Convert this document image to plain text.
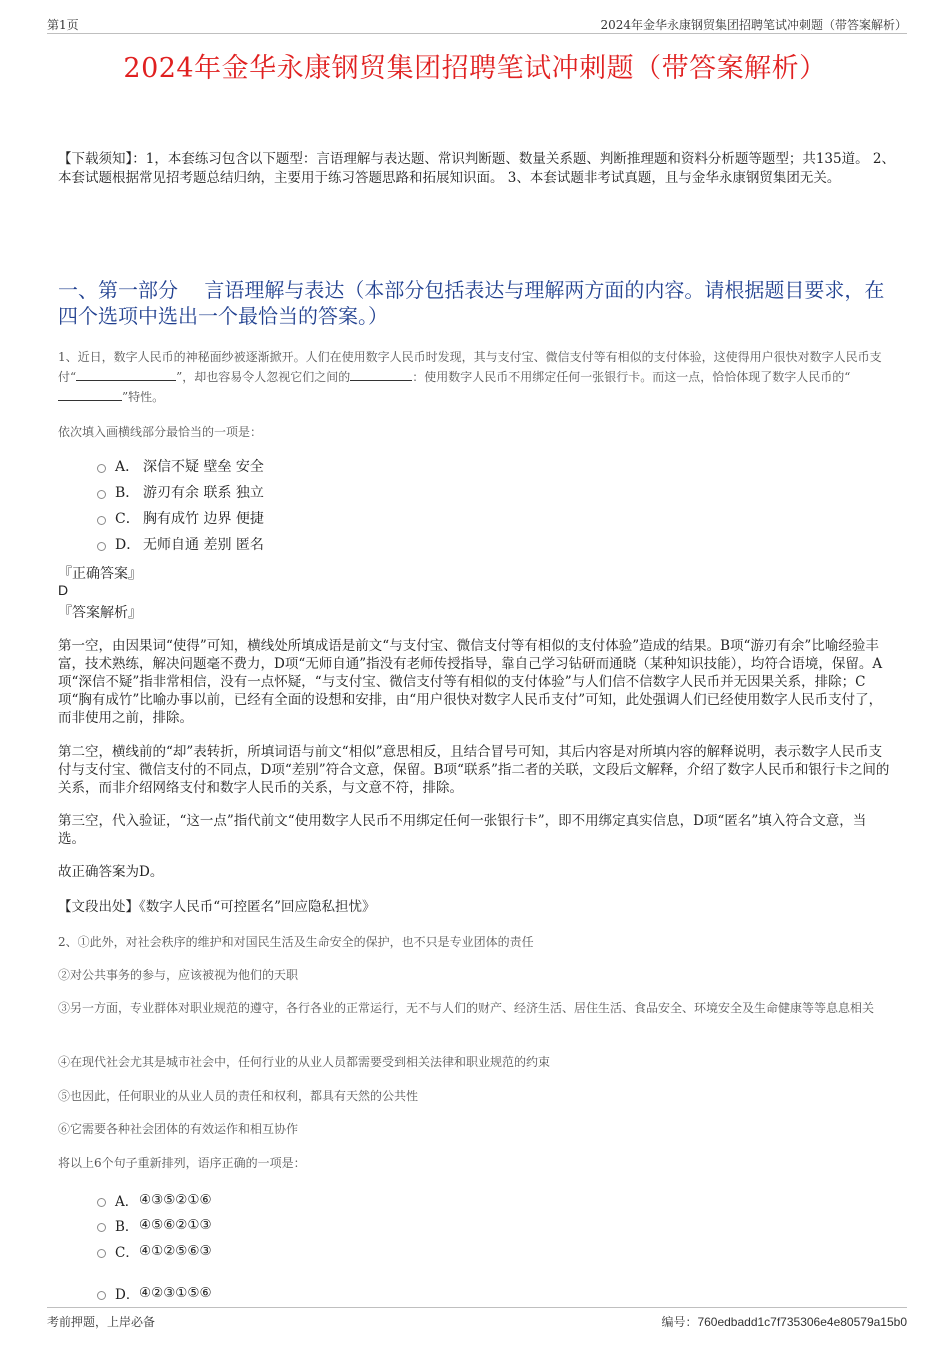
第1页	2024年金华永康钢贸集团招聘笔试冲刺题（带答案解析）
2024年金华永康钢贸集团招聘笔试冲刺题（带答案解析）
【下载须知】：1，本套练习包含以下题型：言语理解与表达题、常识判断题、数量关系题、判断推理题和资料分析题等题型；共135道。 2、本套试题根据常见招考题总结归纳，主要用于练习答题思路和拓展知识面。 3、本套试题非考试真题，且与金华永康钢贸集团无关。
一、第一部分　 言语理解与表达（本部分包括表达与理解两方面的内容。请根据题目要求，在四个选项中选出一个最恰当的答案。）
1、近日，数字人民币的神秘面纱被逐渐掀开。人们在使用数字人民币时发现，其与支付宝、微信支付等有相似的支付体验，这使得用户很快对数字人民币支付“	”，却也容易令人忽视它们之间的	：使用数字人民币不用绑定任何一张银行卡。而这一点，恰恰体现了数字人民币的“”特性。
依次填入画横线部分最恰当的一项是：
A． 深信不疑 壁垒 安全
B． 游刃有余 联系 独立
C． 胸有成竹 边界 便捷
D． 无师自通 差别 匿名
『正确答案』
D
『答案解析』
第一空，由因果词“使得”可知，横线处所填成语是前文“与支付宝、微信支付等有相似的支付体验”造成的结果。B项“游刃有余”比喻经验丰富，技术熟练，解决问题毫不费力，D项“无师自通”指没有老师传授指导，靠自己学习钻研而通晓（某种知识技能），均符合语境，保留。A项“深信不疑”指非常相信，没有一点怀疑，“与支付宝、微信支付等有相似的支付体验”与人们信不信数字人民币并无因果关系，排除；C项“胸有成竹”比喻办事以前，已经有全面的设想和安排，由“用户很快对数字人民币支付”可知，此处强调人们已经使用数字人民币支付了，而非使用之前，排除。
第二空，横线前的“却”表转折，所填词语与前文“相似”意思相反，且结合冒号可知，其后内容是对所填内容的解释说明，表示数字人民币支付与支付宝、微信支付的不同点，D项“差别”符合文意，保留。B项“联系”指二者的关联，文段后文解释，介绍了数字人民币和银行卡之间的关系，而非介绍网络支付和数字人民币的关系，与文意不符，排除。
第三空，代入验证，“这一点”指代前文“使用数字人民币不用绑定任何一张银行卡”，即不用绑定真实信息，D项“匿名”填入符合文意，当选。
故正确答案为D。
【文段出处】《数字人民币“可控匿名”回应隐私担忧》
2、①此外，对社会秩序的维护和对国民生活及生命安全的保护，也不只是专业团体的责任
②对公共事务的参与，应该被视为他们的天职
③另一方面，专业群体对职业规范的遵守，各行各业的正常运行，无不与人们的财产、经济生活、居住生活、食品安全、环境安全及生命健康等等息息相关
④在现代社会尤其是城市社会中，任何行业的从业人员都需要受到相关法律和职业规范的约束
⑤也因此，任何职业的从业人员的责任和权利，都具有天然的公共性
⑥它需要各种社会团体的有效运作和相互协作
将以上6个句子重新排列，语序正确的一项是：
A． ④③⑤②①⑥
B． ④⑤⑥②①③
C． ④①②⑤⑥③
D． ④②③①⑤⑥
考前押题，上岸必备	编号：760edbadd1c7f735306e4e80579a15b0
